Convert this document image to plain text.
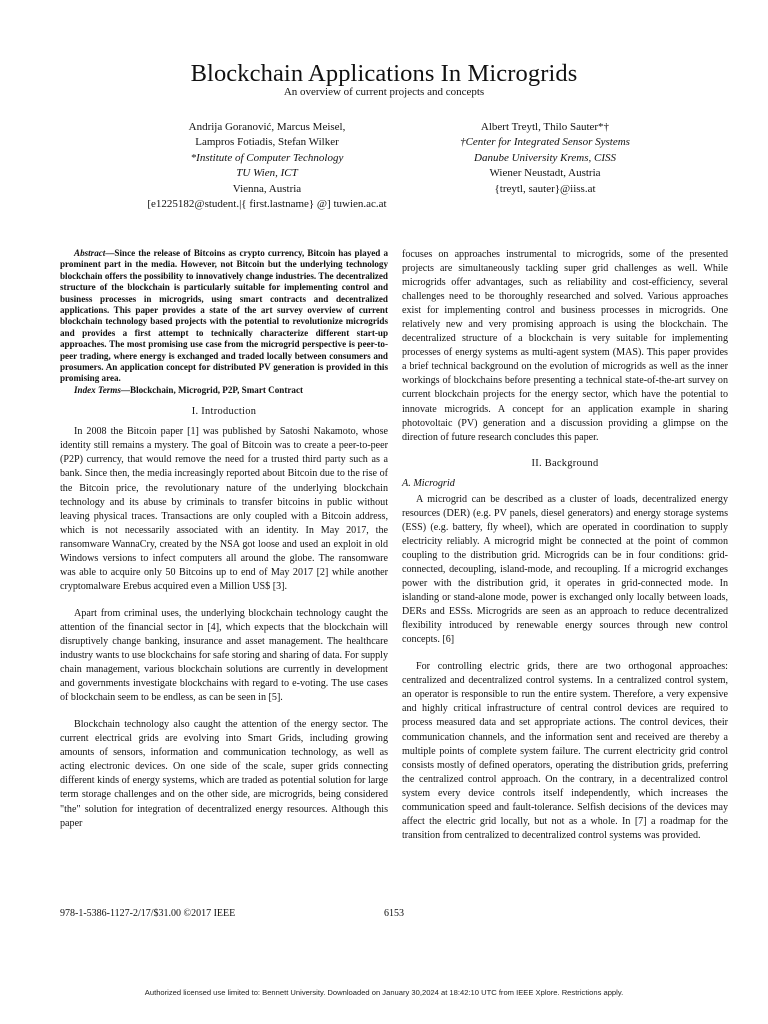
Blockchain Applications In Microgrids
An overview of current projects and concepts
Andrija Goranović, Marcus Meisel,
Lampros Fotiadis, Stefan Wilker
*Institute of Computer Technology
TU Wien, ICT
Vienna, Austria
[e1225182@student.|{ first.lastname} @] tuwien.ac.at
Albert Treytl, Thilo Sauter*†
†Center for Integrated Sensor Systems
Danube University Krems, CISS
Wiener Neustadt, Austria
{treytl, sauter}@iiss.at

Abstract—Since the release of Bitcoins as crypto currency, Bitcoin has played a prominent part in the media. However, not Bitcoin but the underlying technology blockchain offers the possibility to innovatively change industries. The decentralized structure of the blockchain is particularly suitable for implementing control and business processes in microgrids, using smart contracts and decentralized applications. This paper provides a state of the art survey overview of current blockchain technology based projects with the potential to revolutionize microgrids and provides a first attempt to technically characterize different start-up approaches. The most promising use case from the microgrid perspective is peer-to-peer trading, where energy is exchanged and traded locally between consumers and prosumers. An application concept for distributed PV generation is provided in this promising area.

Index Terms—Blockchain, Microgrid, P2P, Smart Contract

I. Introduction

In 2008 the Bitcoin paper [1] was published by Satoshi Nakamoto, whose identity still remains a mystery. The goal of Bitcoin was to create a peer-to-peer (P2P) currency, that would remove the need for a trusted third party such as a bank. Since then, the media increasingly reported about Bitcoin due to the rise of the Bitcoin price, the revolutionary nature of the underlying blockchain technology and its abuse by criminals to transfer bitcoins in public without leaving physical traces. Transactions are only coupled with a Bitcoin address, which is not necessarily associated with an identity. In May 2017, the ransomware WannaCry, created by the NSA got loose and used an exploit in old Windows versions to infect computers all around the globe. The ransomware was able to acquire only 50 Bitcoins up to end of May 2017 [2] while another cryptomalware Erebus acquired even a Million US$ [3].

Apart from criminal uses, the underlying blockchain technology caught the attention of the financial sector in [4], which expects that the blockchain will disruptively change banking, insurance and asset management. The healthcare industry wants to use blockchains for safe storing and sharing of data. For supply chain management, various blockchain solutions are currently in development and governments investigate blockchains with regard to e-voting. The use cases of blockchain seem to be endless, as can be seen in [5].

Blockchain technology also caught the attention of the energy sector. The current electrical grids are evolving into Smart Grids, including growing amounts of sensors, information and communication technology, as well as acting electronic devices. On one side of the scale, super grids connecting different kinds of energy systems, which are traded as potential solution for large term storage challenges and on the other side, are microgrids, being considered "the" solution for integration of decentralized energy resources. Although this paper

focuses on approaches instrumental to microgrids, some of the presented projects are simultaneously tackling super grid challenges as well. While microgrids offer advantages, such as reliability and cost-efficiency, several challenges need to be thoroughly researched and solved. Various approaches exist for implementing control and business processes in microgrids. One relatively new and very promising approach is using the blockchain. The decentralized structure of a blockchain is very suitable for implementing processes of energy systems as multi-agent system (MAS). This paper provides a brief technical background on the evolution of microgrids as well as the inner workings of blockchains before presenting a technical state-of-the-art survey on current blockchain projects for the energy sector, which have the potential to innovate microgrids. A concept for an application example in sharing photovoltaic (PV) generation and a discussion providing a glimpse on the direction of future research concludes this paper.

II. Background
A. Microgrid

A microgrid can be described as a cluster of loads, decentralized energy resources (DER) (e.g. PV panels, diesel generators) and energy storage systems (ESS) (e.g. battery, fly wheel), which are operated in coordination to supply electricity reliably. A microgrid might be connected at the point of common coupling to the distribution grid. Microgrids can be in four conditions: grid-connected, decoupling, island-mode, and recoupling. If a microgrid exchanges power with the distribution grid, it operates in grid-connected mode. In islanding or stand-alone mode, power is exchanged only locally between loads, DERs and ESSs. Microgrids are seen as an approach to reduce decentralized flexibility introduced by renewable energy sources through new control concepts. [6]

For controlling electric grids, there are two orthogonal approaches: centralized and decentralized control systems. In a centralized control system, an operator is responsible to run the entire system. Therefore, a very expensive and highly critical infrastructure of central control devices are required to process measured data and set appropriate actions. The control devices, their communication channels, and the information sent and received are thereby a multiple points of complete system failure. The current electricity grid control consists mostly of defined operators, operating the distribution grids, preferring the centralized control approach. On the contrary, in a decentralized control system every device controls itself independently, which increases the communication speed and fault-tolerance. Selfish decisions of the devices may affect the electric grid locally, but not as a whole. In [7] a roadmap for the transition from centralized to decentralized control systems was provided.

978-1-5386-1127-2/17/$31.00 ©2017 IEEE	6153
Authorized licensed use limited to: Bennett University. Downloaded on January 30,2024 at 18:42:10 UTC from IEEE Xplore. Restrictions apply.
